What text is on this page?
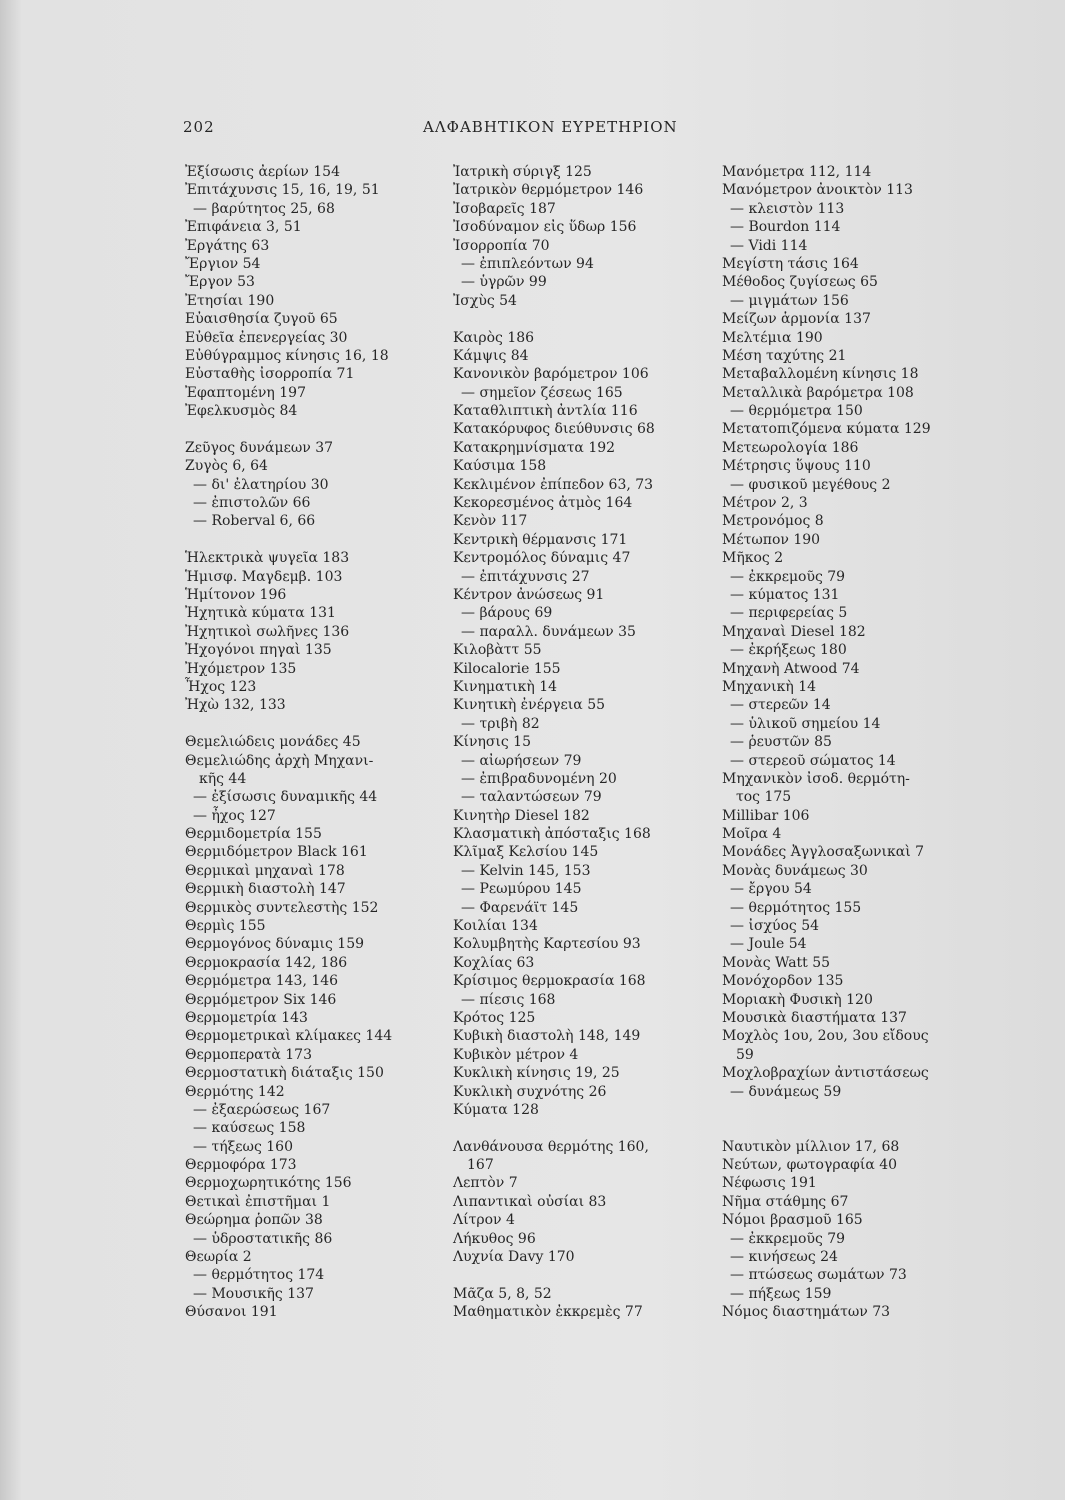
202	ΑΛΦΑΒΗΤΙΚΟΝ ΕΥΡΕΤΗΡΙΟΝ
Ἐξίσωσις ἀερίων 154
Ἐπιτάχυνσις 15, 16, 19, 51
— βαρύτητος 25, 68
Ἐπιφάνεια 3, 51
Ἐργάτης 63
Ἔργιον 54
Ἔργον 53
Ἐτησίαι 190
Εὐαισθησία ζυγοῦ 65
Εὐθεῖα ἐπενεργείας 30
Εὐθύγραμμος κίνησις 16, 18
Εὐσταθὴς ἰσορροπία 71
Ἐφαπτομένη 197
Ἐφελκυσμὸς 84
Ζεῦγος δυνάμεων 37
Ζυγὸς 6, 64
— δι' ἐλατηρίου 30
— ἐπιστολῶν 66
— Roberval 6, 66
Ἡλεκτρικὰ ψυγεῖα 183
Ἡμισφ. Μαγδεμβ. 103
Ἡμίτονον 196
Ἠχητικὰ κύματα 131
Ἠχητικοὶ σωλῆνες 136
Ἠχογόνοι πηγαὶ 135
Ἠχόμετρον 135
Ἦχος 123
Ἠχὼ 132, 133
Θεμελιώδεις μονάδες 45
Θεμελιώδης ἀρχὴ Μηχανι-
κῆς 44
— ἐξίσωσις δυναμικῆς 44
— ἦχος 127
Θερμιδομετρία 155
Θερμιδόμετρον Black 161
Θερμικαὶ μηχαναὶ 178
Θερμικὴ διαστολὴ 147
Θερμικὸς συντελεστὴς 152
Θερμὶς 155
Θερμογόνος δύναμις 159
Θερμοκρασία 142, 186
Θερμόμετρα 143, 146
Θερμόμετρον Six 146
Θερμομετρία 143
Θερμομετρικαὶ κλίμακες 144
Θερμοπερατὰ 173
Θερμοστατικὴ διάταξις 150
Θερμότης 142
— ἐξαερώσεως 167
— καύσεως 158
— τήξεως 160
Θερμοφόρα 173
Θερμοχωρητικότης 156
Θετικαὶ ἐπιστῆμαι 1
Θεώρημα ῥοπῶν 38
— ὑδροστατικῆς 86
Θεωρία 2
— θερμότητος 174
— Μουσικῆς 137
Θύσανοι 191
Ἰατρικὴ σύριγξ 125
Ἰατρικὸν θερμόμετρον 146
Ἰσοβαρεῖς 187
Ἰσοδύναμον εἰς ὕδωρ 156
Ἰσορροπία 70
— ἐπιπλεόντων 94
— ὑγρῶν 99
Ἰσχὺς 54
Καιρὸς 186
Κάμψις 84
Κανονικὸν βαρόμετρον 106
— σημεῖον ζέσεως 165
Καταθλιπτικὴ ἀντλία 116
Κατακόρυφος διεύθυνσις 68
Κατακρημνίσματα 192
Καύσιμα 158
Κεκλιμένον ἐπίπεδον 63, 73
Κεκορεσμένος ἀτμὸς 164
Κενὸν 117
Κεντρικὴ θέρμανσις 171
Κεντρομόλος δύναμις 47
— ἐπιτάχυνσις 27
Κέντρον ἀνώσεως 91
— βάρους 69
— παραλλ. δυνάμεων 35
Κιλοβὰττ 55
Kilocalorie 155
Κινηματικὴ 14
Κινητικὴ ἐνέργεια 55
— τριβὴ 82
Κίνησις 15
— αἰωρήσεων 79
— ἐπιβραδυνομένη 20
— ταλαντώσεων 79
Κινητὴρ Diesel 182
Κλασματικὴ ἀπόσταξις 168
Κλῖμαξ Κελσίου 145
— Kelvin 145, 153
— Ρεωμύρου 145
— Φαρενάϊτ 145
Κοιλίαι 134
Κολυμβητὴς Καρτεσίου 93
Κοχλίας 63
Κρίσιμος θερμοκρασία 168
— πίεσις 168
Κρότος 125
Κυβικὴ διαστολὴ 148, 149
Κυβικὸν μέτρον 4
Κυκλικὴ κίνησις 19, 25
Κυκλικὴ συχνότης 26
Κύματα 128
Λανθάνουσα θερμότης 160,
167
Λεπτὸν 7
Λιπαντικαὶ οὐσίαι 83
Λίτρον 4
Λήκυθος 96
Λυχνία Davy 170
Μᾶζα 5, 8, 52
Μαθηματικὸν ἐκκρεμὲς 77
Μανόμετρα 112, 114
Μανόμετρον ἀνοικτὸν 113
— κλειστὸν 113
— Bourdon 114
— Vidi 114
Μεγίστη τάσις 164
Μέθοδος ζυγίσεως 65
— μιγμάτων 156
Μείζων ἁρμονία 137
Μελτέμια 190
Μέση ταχύτης 21
Μεταβαλλομένη κίνησις 18
Μεταλλικὰ βαρόμετρα 108
— θερμόμετρα 150
Μετατοπιζόμενα κύματα 129
Μετεωρολογία 186
Μέτρησις ὕψους 110
— φυσικοῦ μεγέθους 2
Μέτρον 2, 3
Μετρονόμος 8
Μέτωπον 190
Μῆκος 2
— ἐκκρεμοῦς 79
— κύματος 131
— περιφερείας 5
Μηχαναὶ Diesel 182
— ἐκρήξεως 180
Μηχανὴ Atwood 74
Μηχανικὴ 14
— στερεῶν 14
— ὑλικοῦ σημείου 14
— ῥευστῶν 85
— στερεοῦ σώματος 14
Μηχανικὸν ἰσοδ. θερμότη-
τος 175
Millibar 106
Μοῖρα 4
Μονάδες Ἀγγλοσαξωνικαὶ 7
Μονὰς δυνάμεως 30
— ἔργου 54
— θερμότητος 155
— ἰσχύος 54
— Joule 54
Μονὰς Watt 55
Μονόχορδον 135
Μοριακὴ Φυσικὴ 120
Μουσικὰ διαστήματα 137
Μοχλὸς 1ου, 2ου, 3ου εἴδους
59
Μοχλοβραχίων ἀντιστάσεως
— δυνάμεως 59
Ναυτικὸν μίλλιον 17, 68
Νεύτων, φωτογραφία 40
Νέφωσις 191
Νῆμα στάθμης 67
Νόμοι βρασμοῦ 165
— ἐκκρεμοῦς 79
— κινήσεως 24
— πτώσεως σωμάτων 73
— πήξεως 159
Νόμος διαστημάτων 73
